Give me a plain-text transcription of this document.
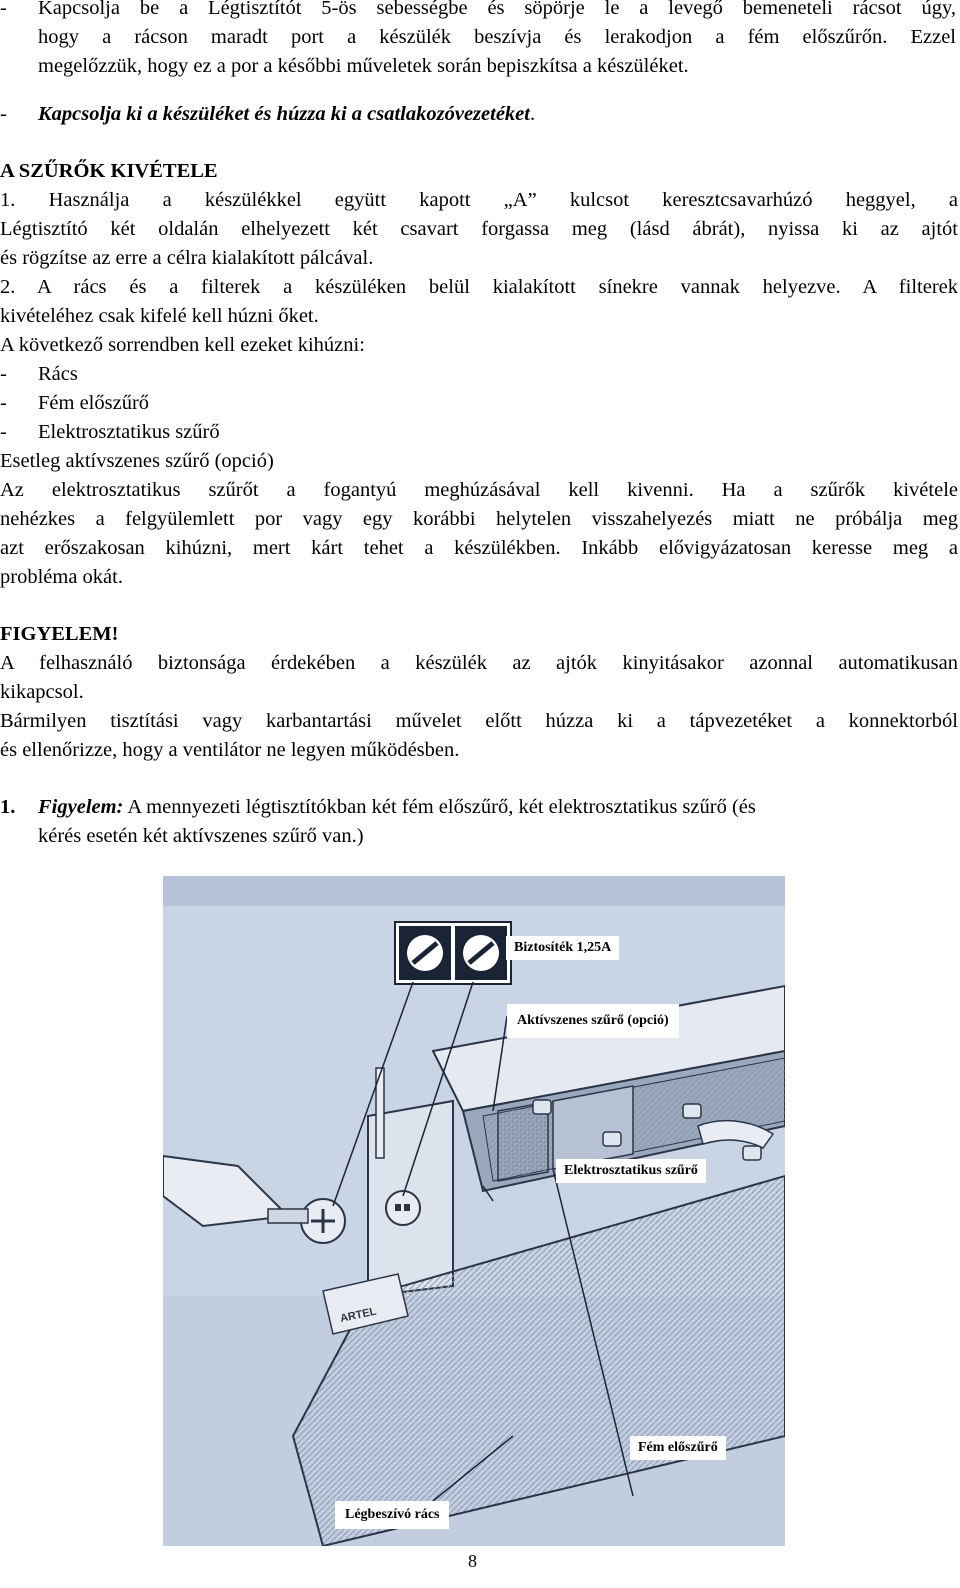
- Kapcsolja be a Légtisztítót 5-ös sebességbe és söpörje le a levegő bemeneteli rácsot úgy,
hogy a rácson maradt port a készülék beszívja és lerakodjon a fém előszűrőn. Ezzel
megelőzzük, hogy ez a por a későbbi műveletek során bepiszkítsa a készüléket.
- Kapcsolja ki a készüléket és húzza ki a csatlakozóvezetéket.
A SZŰRŐK KIVÉTELE
1. Használja a készülékkel együtt kapott „A” kulcsot keresztcsavarhúzó heggyel, a
Légtisztító két oldalán elhelyezett két csavart forgassa meg (lásd ábrát), nyissa ki az ajtót
és rögzítse az erre a célra kialakított pálcával.
2. A rács és a filterek a készüléken belül kialakított sínekre vannak helyezve. A filterek
kivételéhez csak kifelé kell húzni őket.
A következő sorrendben kell ezeket kihúzni:
- Rács
- Fém előszűrő
- Elektrosztatikus szűrő
Esetleg aktívszenes szűrő (opció)
Az elektrosztatikus szűrőt a fogantyú meghúzásával kell kivenni. Ha a szűrők kivétele
nehézkes a felgyülemlett por vagy egy korábbi helytelen visszahelyezés miatt ne próbálja meg
azt erőszakosan kihúzni, mert kárt tehet a készülékben. Inkább elővigyázatosan keresse meg a
probléma okát.
FIGYELEM!
A felhasználó biztonsága érdekében a készülék az ajtók kinyitásakor azonnal automatikusan
kikapcsol.
Bármilyen tisztítási vagy karbantartási művelet előtt húzza ki a tápvezetéket a konnektorból
és ellenőrizze, hogy a ventilátor ne legyen működésben.
1. Figyelem: A mennyezeti légtisztítókban két fém előszűrő, két elektrosztatikus szűrő (és
kérés esetén két aktívszenes szűrő van.)
ARTEL
Biztosíték 1,25A
Aktívszenes szűrő (opció)
Elektrosztatikus szűrő
Fém előszűrő
Légbeszívó rács
8
